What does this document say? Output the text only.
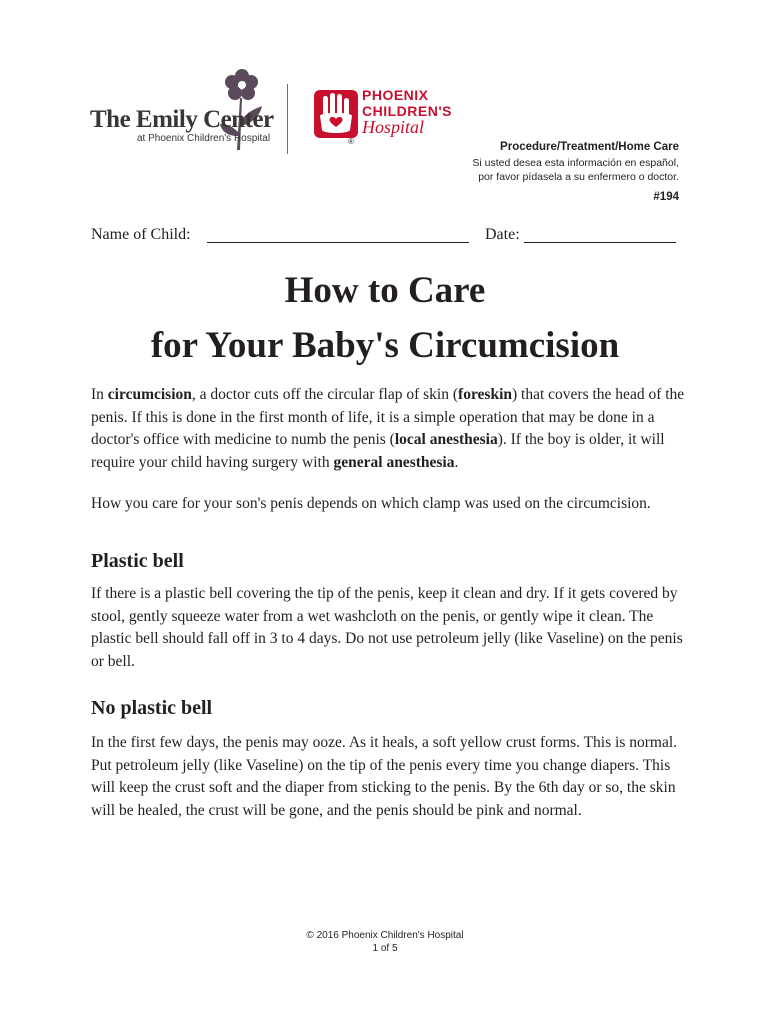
The Emily Center
at Phoenix Children's Hospital
PHOENIX
CHILDREN'S
Hospital
®	Procedure/Treatment/Home Care
Si usted desea esta información en español,
por favor pídasela a su enfermero o doctor.
#194
Name of Child:	Date:
How to Care
for Your Baby's Circumcision
In circumcision, a doctor cuts off the circular flap of skin (foreskin) that covers the head of the penis. If this is done in the first month of life, it is a simple operation that may be done in a doctor's office with medicine to numb the penis (local anesthesia). If the boy is older, it will require your child having surgery with general anesthesia.
How you care for your son's penis depends on which clamp was used on the circumcision.
Plastic bell
If there is a plastic bell covering the tip of the penis, keep it clean and dry. If it gets covered by stool, gently squeeze water from a wet washcloth on the penis, or gently wipe it clean. The plastic bell should fall off in 3 to 4 days. Do not use petroleum jelly (like Vaseline) on the penis or bell.
No plastic bell
In the first few days, the penis may ooze. As it heals, a soft yellow crust forms. This is normal. Put petroleum jelly (like Vaseline) on the tip of the penis every time you change diapers. This will keep the crust soft and the diaper from sticking to the penis. By the 6th day or so, the skin will be healed, the crust will be gone, and the penis should be pink and normal.
© 2016 Phoenix Children's Hospital
1 of 5
